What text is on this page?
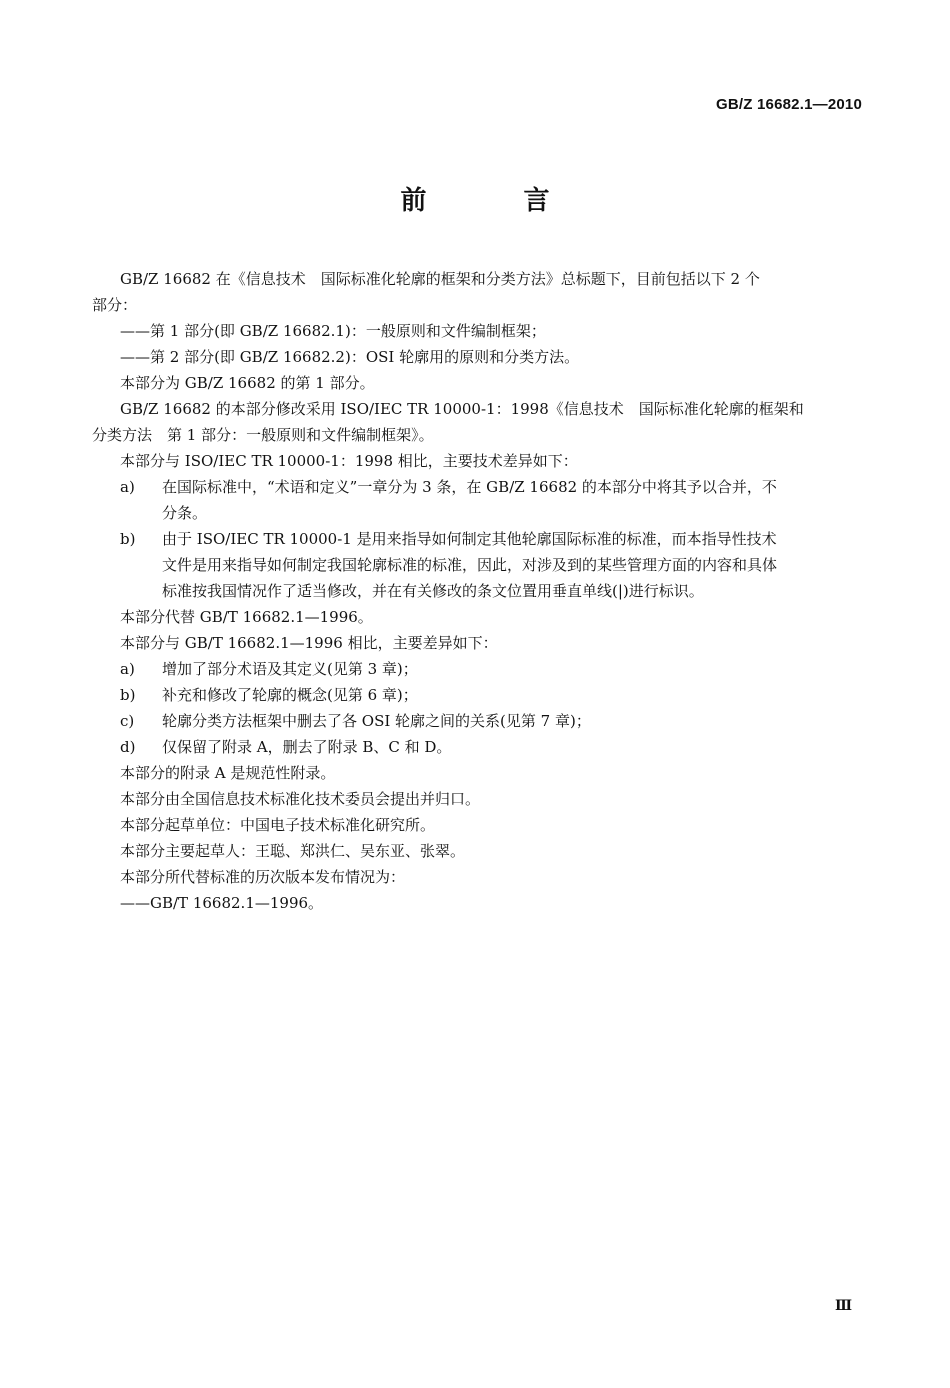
GB/Z 16682.1—2010
前 言

GB/Z 16682 在《信息技术　国际标准化轮廓的框架和分类方法》总标题下，目前包括以下 2 个

部分：

——第 1 部分(即 GB/Z 16682.1)：一般原则和文件编制框架；

——第 2 部分(即 GB/Z 16682.2)：OSI 轮廓用的原则和分类方法。

本部分为 GB/Z 16682 的第 1 部分。

GB/Z 16682 的本部分修改采用 ISO/IEC TR 10000-1：1998《信息技术　国际标准化轮廓的框架和

分类方法　第 1 部分：一般原则和文件编制框架》。

本部分与 ISO/IEC TR 10000-1：1998 相比，主要技术差异如下：

a)	在国际标准中，“术语和定义”一章分为 3 条，在 GB/Z 16682 的本部分中将其予以合并，不
分条。
b)	由于 ISO/IEC TR 10000-1 是用来指导如何制定其他轮廓国际标准的标准，而本指导性技术
文件是用来指导如何制定我国轮廓标准的标准，因此，对涉及到的某些管理方面的内容和具体
标准按我国情况作了适当修改，并在有关修改的条文位置用垂直单线(|)进行标识。

本部分代替 GB/T 16682.1—1996。

本部分与 GB/T 16682.1—1996 相比，主要差异如下：

a)	增加了部分术语及其定义(见第 3 章)；
b)	补充和修改了轮廓的概念(见第 6 章)；
c)	轮廓分类方法框架中删去了各 OSI 轮廓之间的关系(见第 7 章)；
d)	仅保留了附录 A，删去了附录 B、C 和 D。

本部分的附录 A 是规范性附录。

本部分由全国信息技术标准化技术委员会提出并归口。

本部分起草单位：中国电子技术标准化研究所。

本部分主要起草人：王聪、郑洪仁、吴东亚、张翠。

本部分所代替标准的历次版本发布情况为：

——GB/T 16682.1—1996。

Ⅲ
